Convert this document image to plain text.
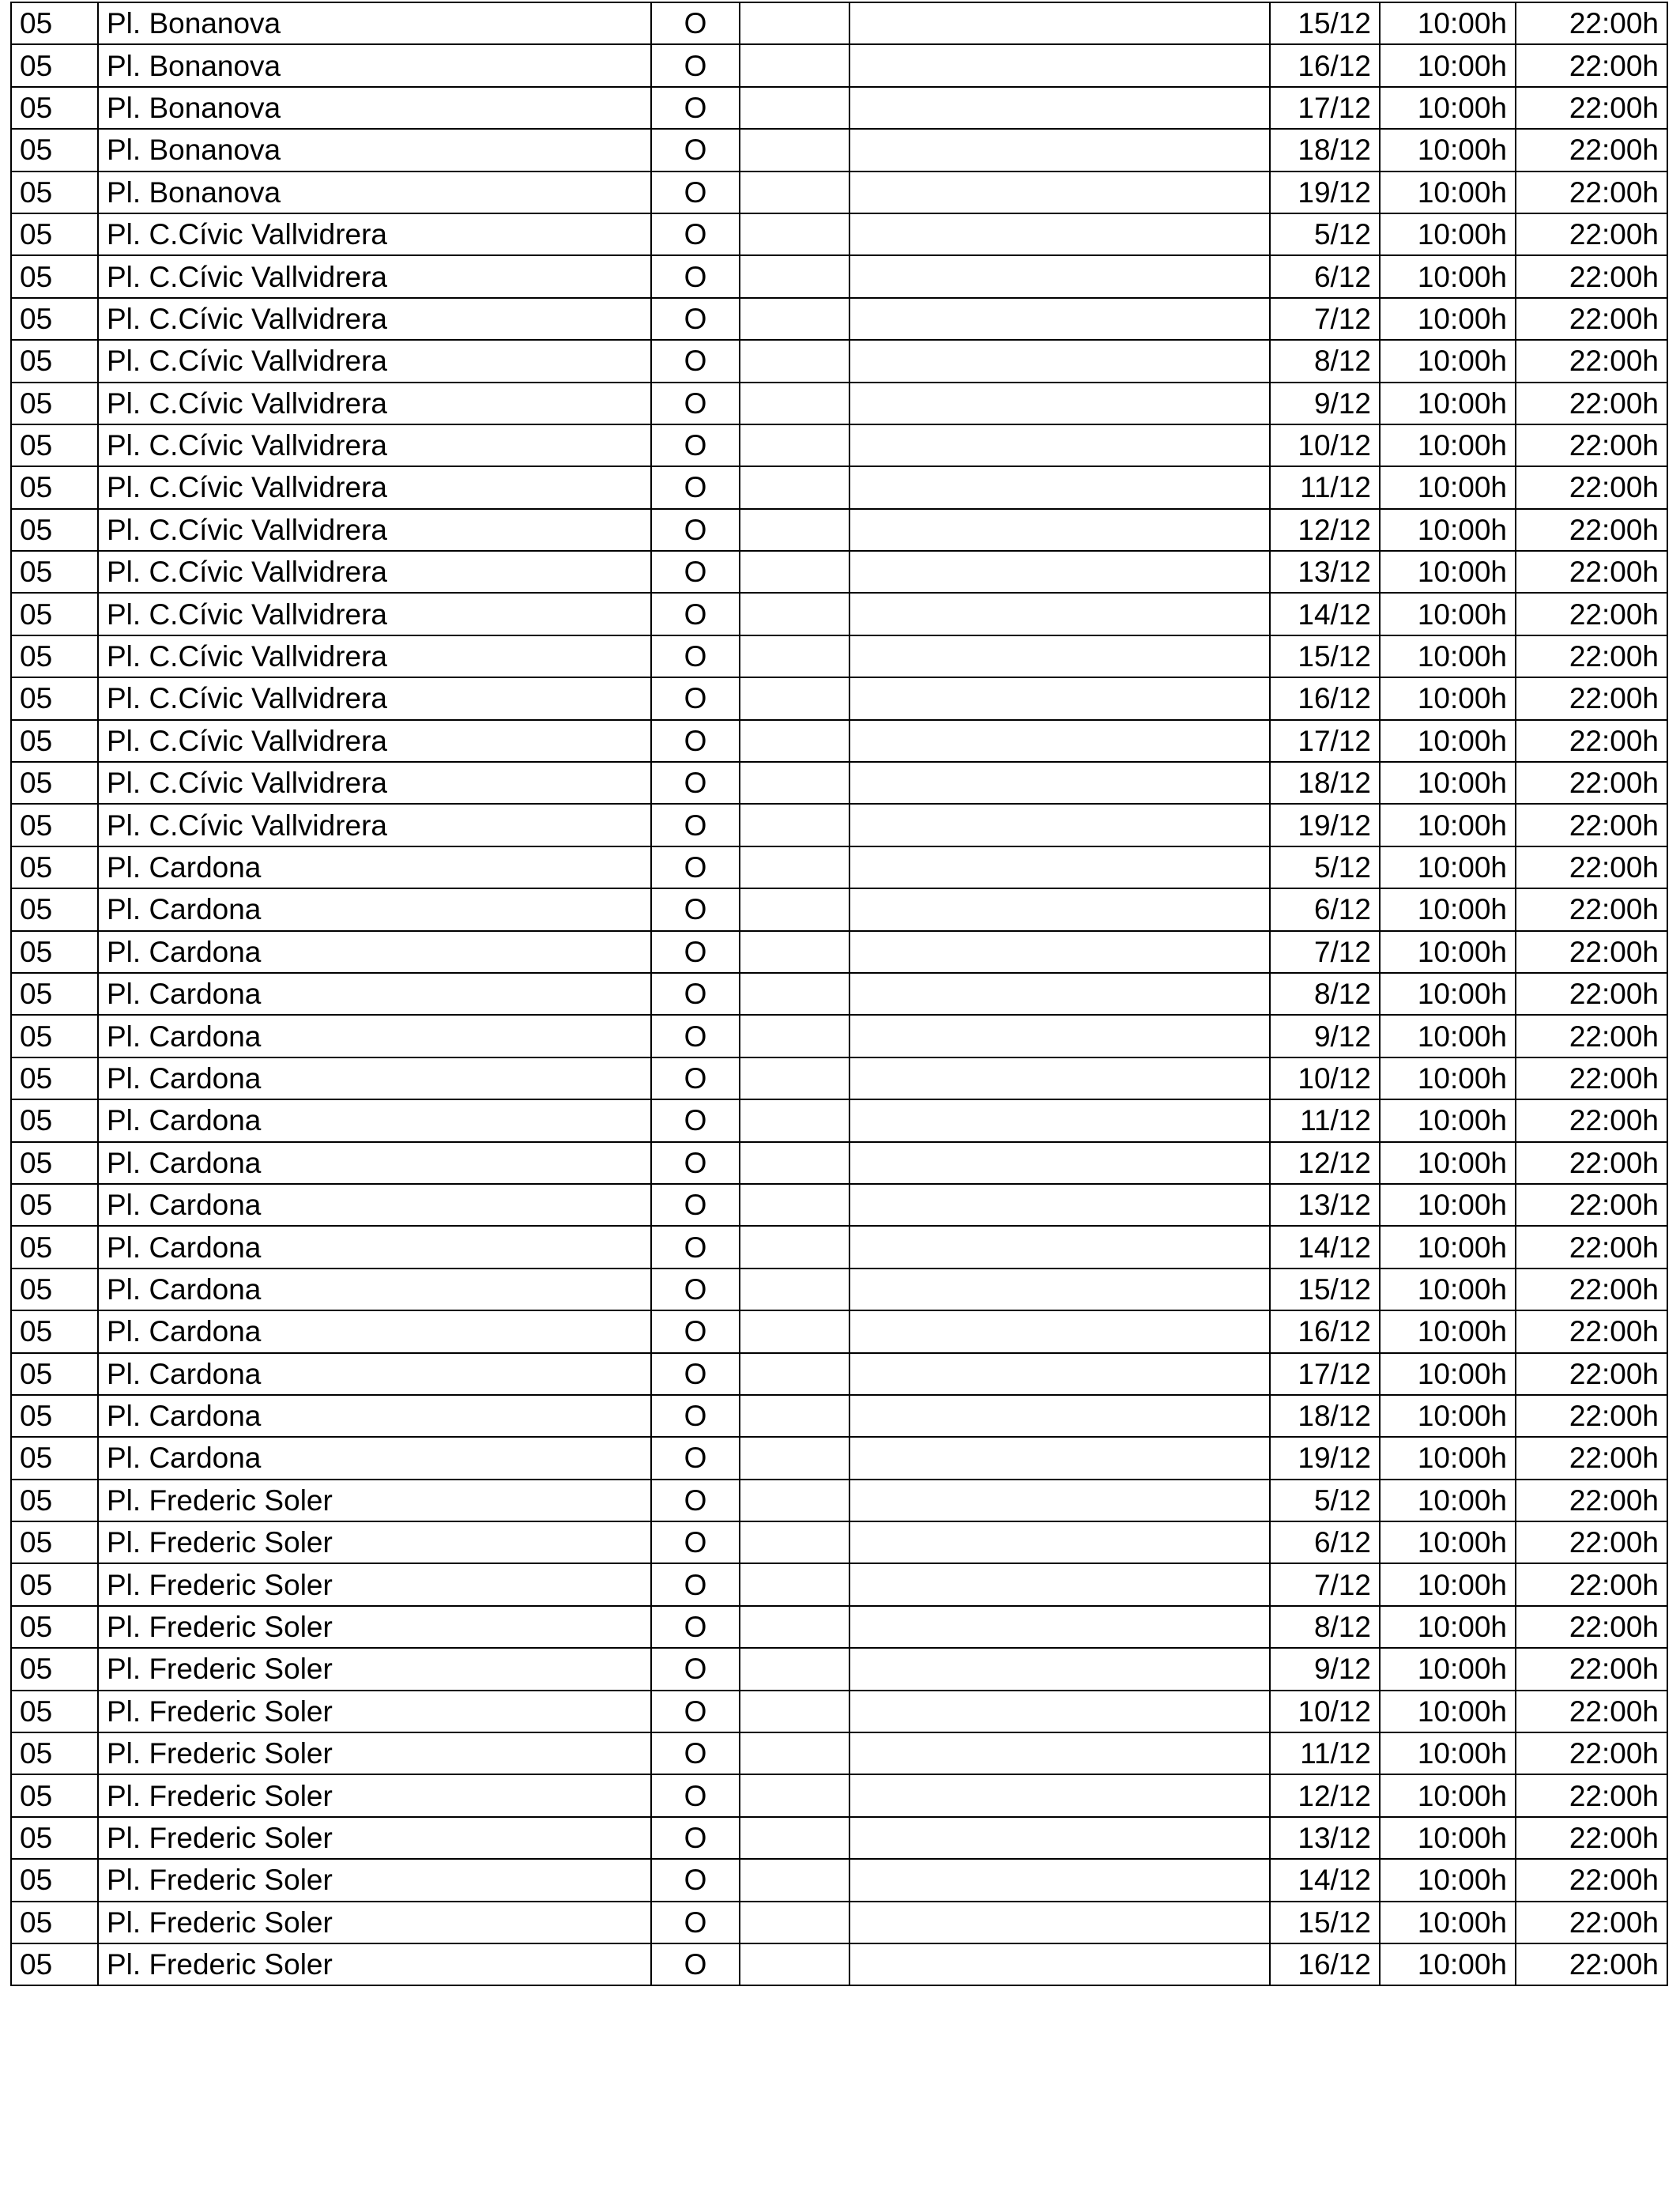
05	Pl. Bonanova	O			15/12	10:00h	22:00h
05	Pl. Bonanova	O			16/12	10:00h	22:00h
05	Pl. Bonanova	O			17/12	10:00h	22:00h
05	Pl. Bonanova	O			18/12	10:00h	22:00h
05	Pl. Bonanova	O			19/12	10:00h	22:00h
05	Pl. C.Cívic Vallvidrera	O			5/12	10:00h	22:00h
05	Pl. C.Cívic Vallvidrera	O			6/12	10:00h	22:00h
05	Pl. C.Cívic Vallvidrera	O			7/12	10:00h	22:00h
05	Pl. C.Cívic Vallvidrera	O			8/12	10:00h	22:00h
05	Pl. C.Cívic Vallvidrera	O			9/12	10:00h	22:00h
05	Pl. C.Cívic Vallvidrera	O			10/12	10:00h	22:00h
05	Pl. C.Cívic Vallvidrera	O			11/12	10:00h	22:00h
05	Pl. C.Cívic Vallvidrera	O			12/12	10:00h	22:00h
05	Pl. C.Cívic Vallvidrera	O			13/12	10:00h	22:00h
05	Pl. C.Cívic Vallvidrera	O			14/12	10:00h	22:00h
05	Pl. C.Cívic Vallvidrera	O			15/12	10:00h	22:00h
05	Pl. C.Cívic Vallvidrera	O			16/12	10:00h	22:00h
05	Pl. C.Cívic Vallvidrera	O			17/12	10:00h	22:00h
05	Pl. C.Cívic Vallvidrera	O			18/12	10:00h	22:00h
05	Pl. C.Cívic Vallvidrera	O			19/12	10:00h	22:00h
05	Pl. Cardona	O			5/12	10:00h	22:00h
05	Pl. Cardona	O			6/12	10:00h	22:00h
05	Pl. Cardona	O			7/12	10:00h	22:00h
05	Pl. Cardona	O			8/12	10:00h	22:00h
05	Pl. Cardona	O			9/12	10:00h	22:00h
05	Pl. Cardona	O			10/12	10:00h	22:00h
05	Pl. Cardona	O			11/12	10:00h	22:00h
05	Pl. Cardona	O			12/12	10:00h	22:00h
05	Pl. Cardona	O			13/12	10:00h	22:00h
05	Pl. Cardona	O			14/12	10:00h	22:00h
05	Pl. Cardona	O			15/12	10:00h	22:00h
05	Pl. Cardona	O			16/12	10:00h	22:00h
05	Pl. Cardona	O			17/12	10:00h	22:00h
05	Pl. Cardona	O			18/12	10:00h	22:00h
05	Pl. Cardona	O			19/12	10:00h	22:00h
05	Pl. Frederic Soler	O			5/12	10:00h	22:00h
05	Pl. Frederic Soler	O			6/12	10:00h	22:00h
05	Pl. Frederic Soler	O			7/12	10:00h	22:00h
05	Pl. Frederic Soler	O			8/12	10:00h	22:00h
05	Pl. Frederic Soler	O			9/12	10:00h	22:00h
05	Pl. Frederic Soler	O			10/12	10:00h	22:00h
05	Pl. Frederic Soler	O			11/12	10:00h	22:00h
05	Pl. Frederic Soler	O			12/12	10:00h	22:00h
05	Pl. Frederic Soler	O			13/12	10:00h	22:00h
05	Pl. Frederic Soler	O			14/12	10:00h	22:00h
05	Pl. Frederic Soler	O			15/12	10:00h	22:00h
05	Pl. Frederic Soler	O			16/12	10:00h	22:00h
